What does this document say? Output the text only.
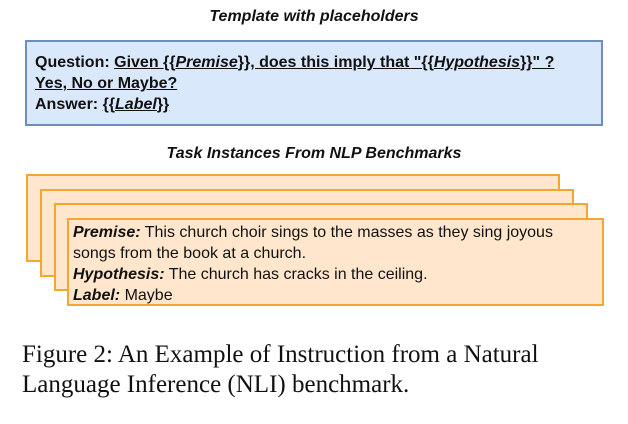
Template with placeholders
Question: Given {{Premise}}, does this imply that "{{Hypothesis}}" ?
Yes, No or Maybe?
Answer: {{Label}}
Task Instances From NLP Benchmarks
Premise: This church choir sings to the masses as they sing joyous songs from the book at a church.
Hypothesis: The church has cracks in the ceiling.
Label: Maybe
Figure 2: An Example of Instruction from a Natural Language Inference (NLI) benchmark.
